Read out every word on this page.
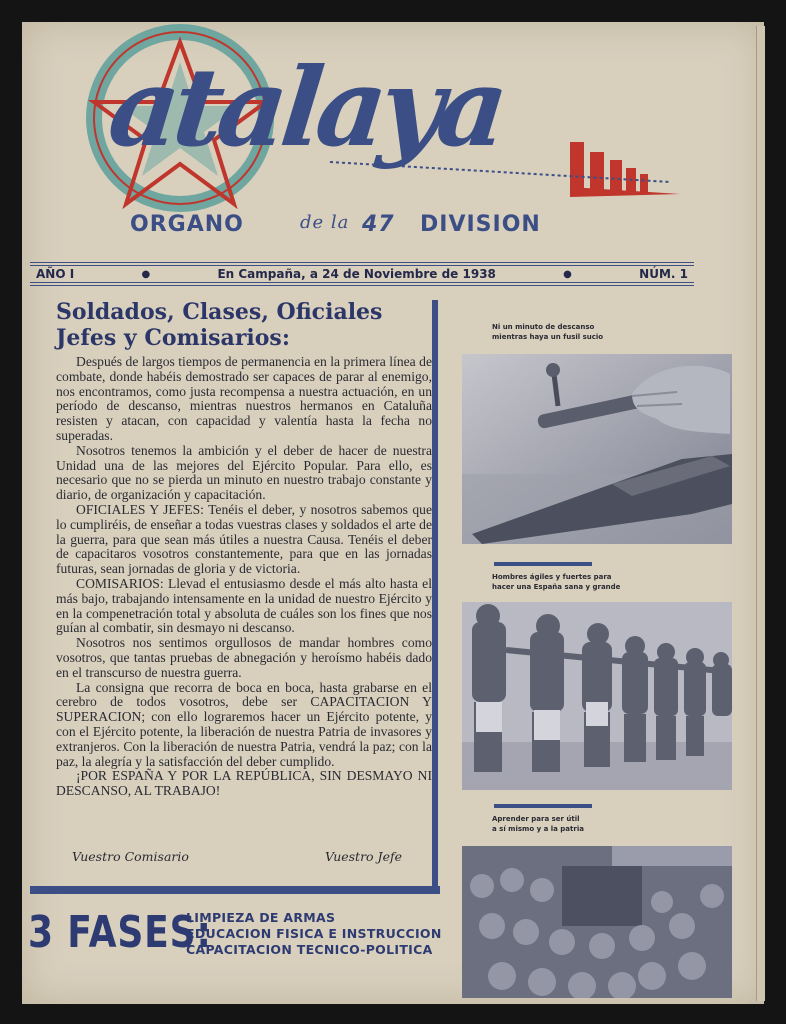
atalaya
ORGANO	de la 47 DIVISION
AÑO I	●	En Campaña, a 24 de Noviembre de 1938	●	NÚM. 1
Soldados, Clases, Oficiales Jefes y Comisarios:

Después de largos tiempos de permanencia en la primera línea de combate, donde habéis demostrado ser capaces de parar al enemigo, nos encontramos, como justa recompensa a nuestra actuación, en un período de descanso, mientras nuestros hermanos en Cataluña resisten y atacan, con capacidad y valentía hasta la fecha no superadas.

Nosotros tenemos la ambición y el deber de hacer de nuestra Unidad una de las mejores del Ejército Popular. Para ello, es necesario que no se pierda un minuto en nuestro trabajo constante y diario, de organización y capacitación.

OFICIALES Y JEFES: Tenéis el deber, y nosotros sabemos que lo cumpliréis, de enseñar a todas vuestras clases y soldados el arte de la guerra, para que sean más útiles a nuestra Causa. Tenéis el deber de capacitaros vosotros constantemente, para que en las jornadas futuras, sean jornadas de gloria y de victoria.

COMISARIOS: Llevad el entusiasmo desde el más alto hasta el más bajo, trabajando intensamente en la unidad de nuestro Ejército y en la compenetración total y absoluta de cuáles son los fines que nos guían al combatir, sin desmayo ni descanso.

Nosotros nos sentimos orgullosos de mandar hombres como vosotros, que tantas pruebas de abnegación y heroísmo habéis dado en el transcurso de nuestra guerra.

La consigna que recorra de boca en boca, hasta grabarse en el cerebro de todos vosotros, debe ser CAPACITACION Y SUPERACION; con ello lograremos hacer un Ejército potente, y con el Ejército potente, la liberación de nuestra Patria de invasores y extranjeros. Con la liberación de nuestra Patria, vendrá la paz; con la paz, la alegría y la satisfacción del deber cumplido.

¡POR ESPAÑA Y POR LA REPÚBLICA, SIN DESMAYO NI DESCANSO, AL TRABAJO!

Vuestro Comisario	Vuestro Jefe
3 FASES:
LIMPIEZA DE ARMAS
EDUCACION FISICA E INSTRUCCION
CAPACITACION TECNICO-POLITICA
Ni un minuto de descanso
mientras haya un fusil sucio
Hombres ágiles y fuertes para
hacer una España sana y grande
Aprender para ser útil
a sí mismo y a la patria
